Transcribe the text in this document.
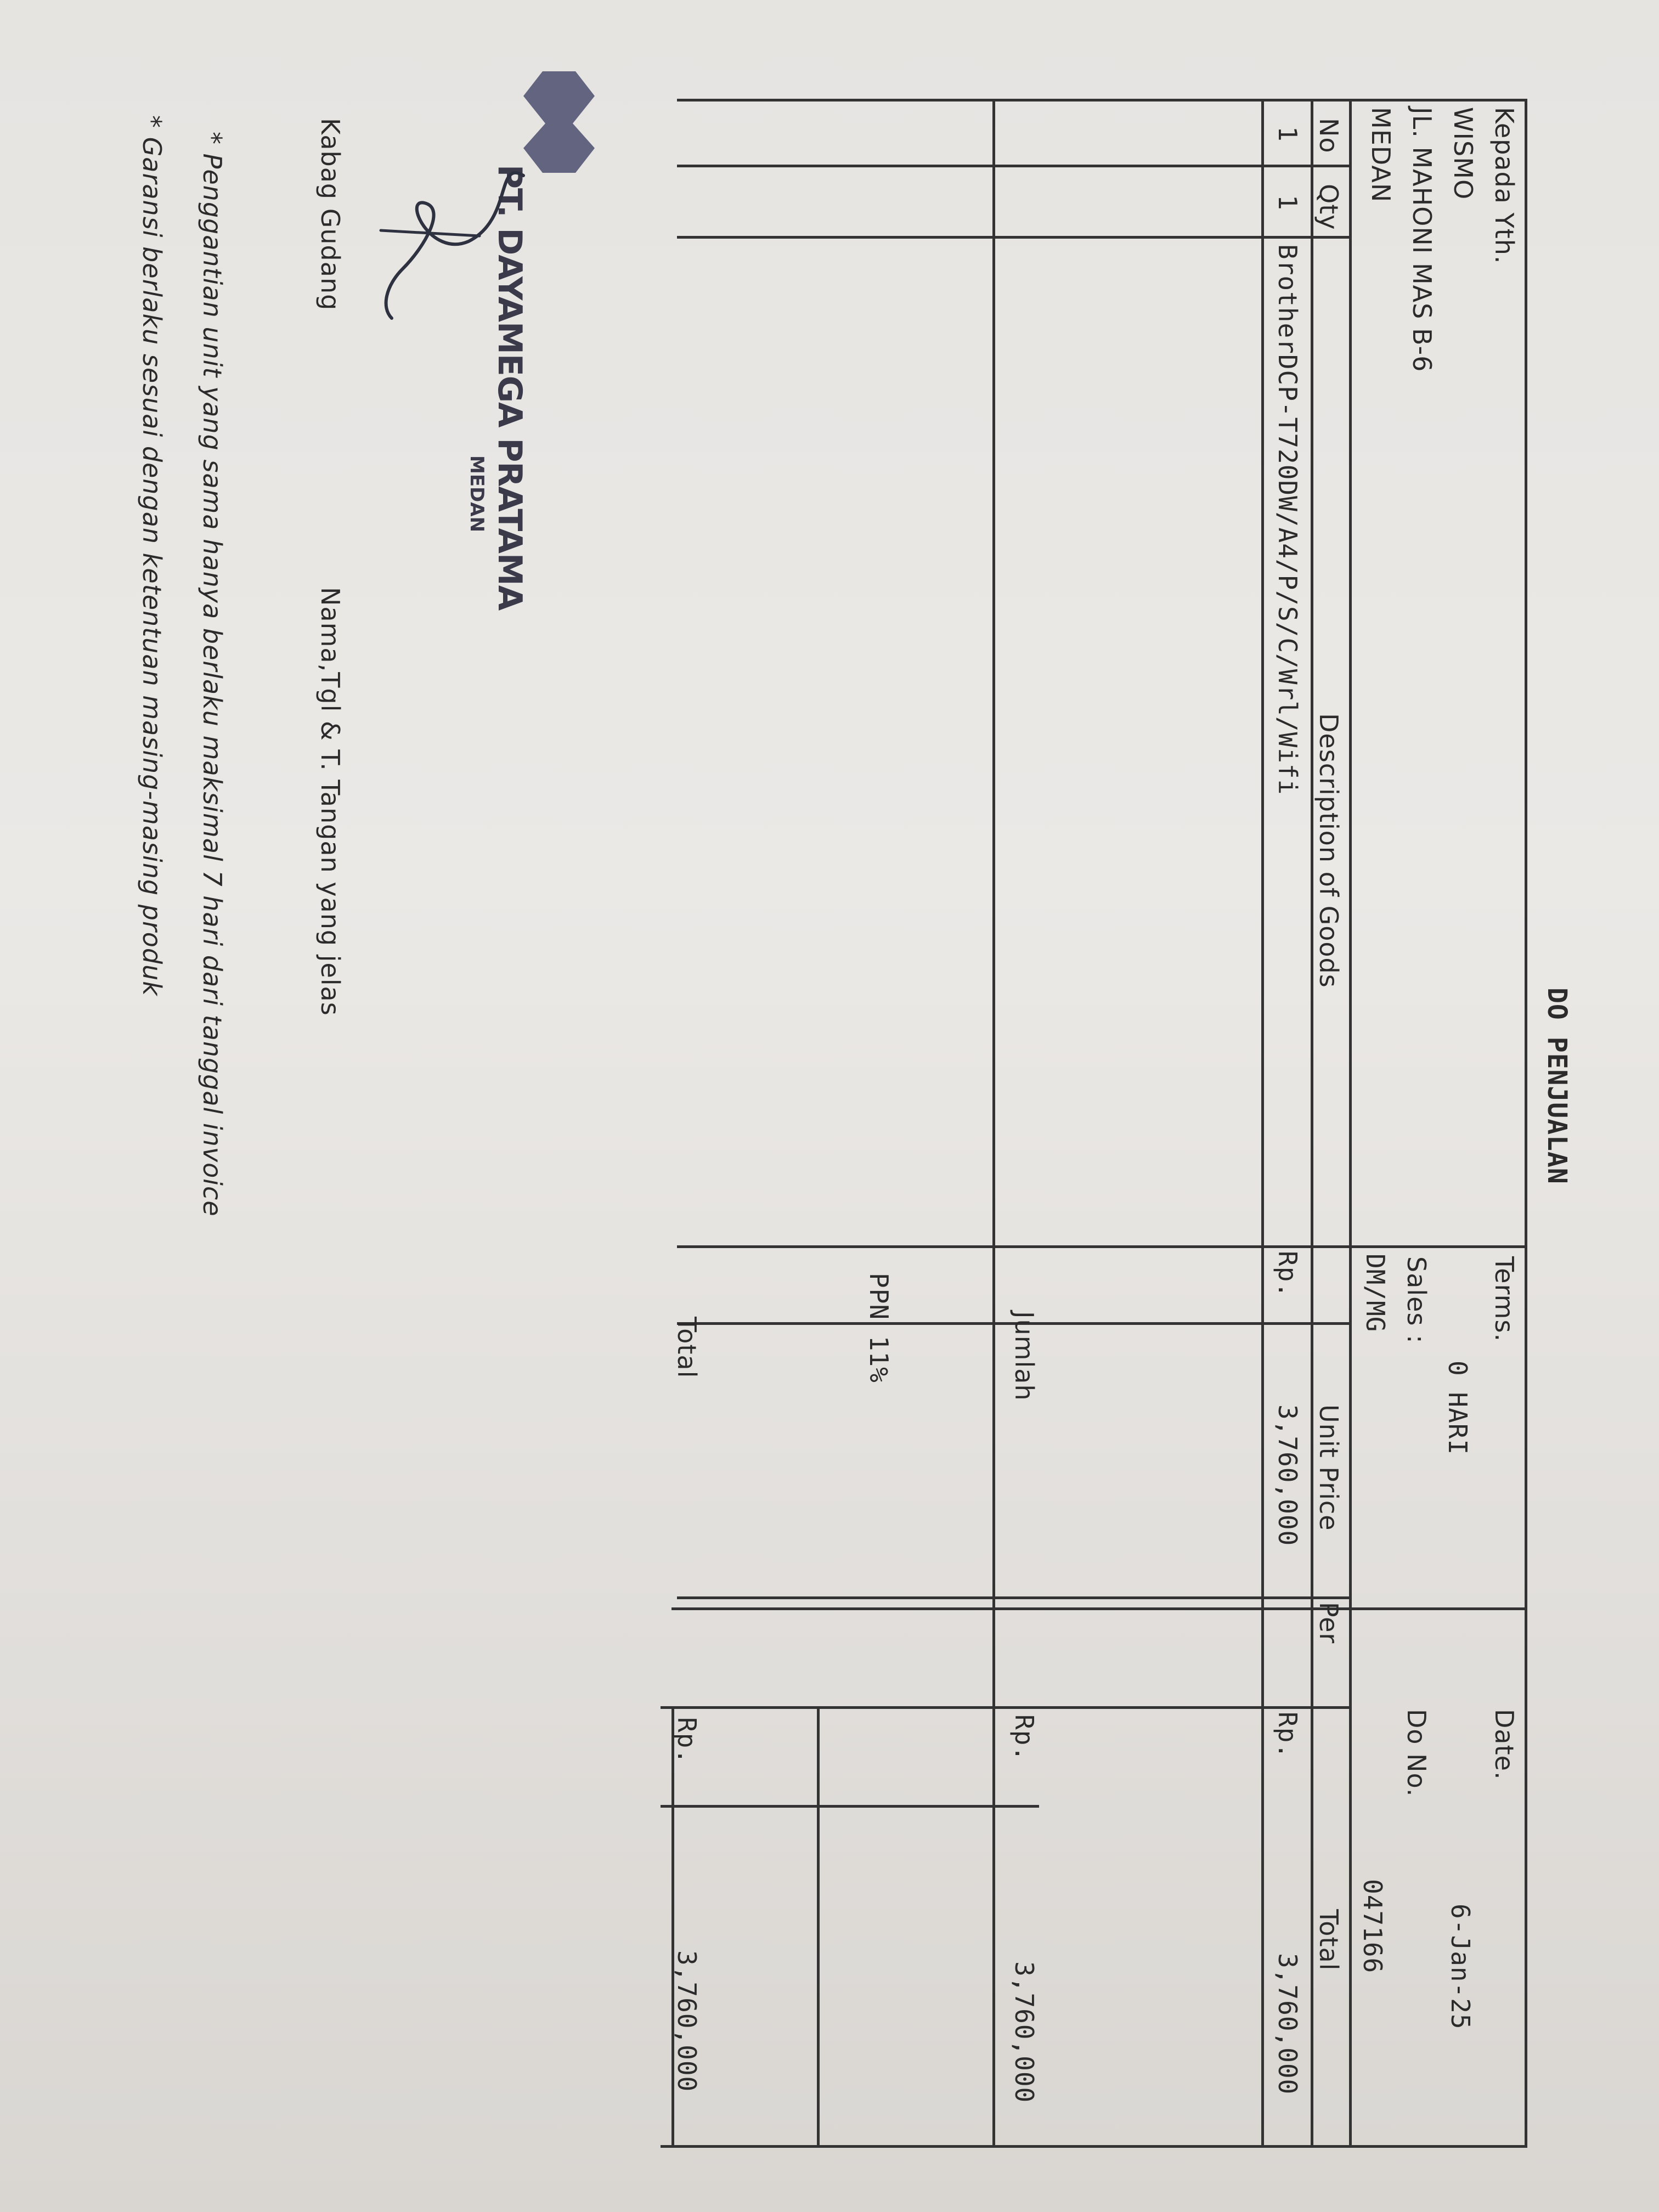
DO PENJUALAN
Kepada Yth.
WISMO
JL. MAHONI MAS B-6
MEDAN
Terms.
0 HARI
Sales :
DM/MG
Date.
6-Jan-25
Do No.
047166
No
Qty
Description of Goods
Unit Price
Per
Total
1
1
BrotherDCP-T720DW/A4/P/S/C/Wrl/Wifi
Rp.
3,760,000
Rp.
3,760,000
Jumlah
Rp.
3,760,000
PPN 11%
Total
Rp.
3,760,000
PT. DAYAMEGA PRATAMA
MEDAN
Kabag Gudang
Nama,Tgl & T. Tangan yang jelas
* Penggantian unit yang sama hanya berlaku maksimal 7 hari dari tanggal invoice
* Garansi berlaku sesuai dengan ketentuan masing-masing produk
